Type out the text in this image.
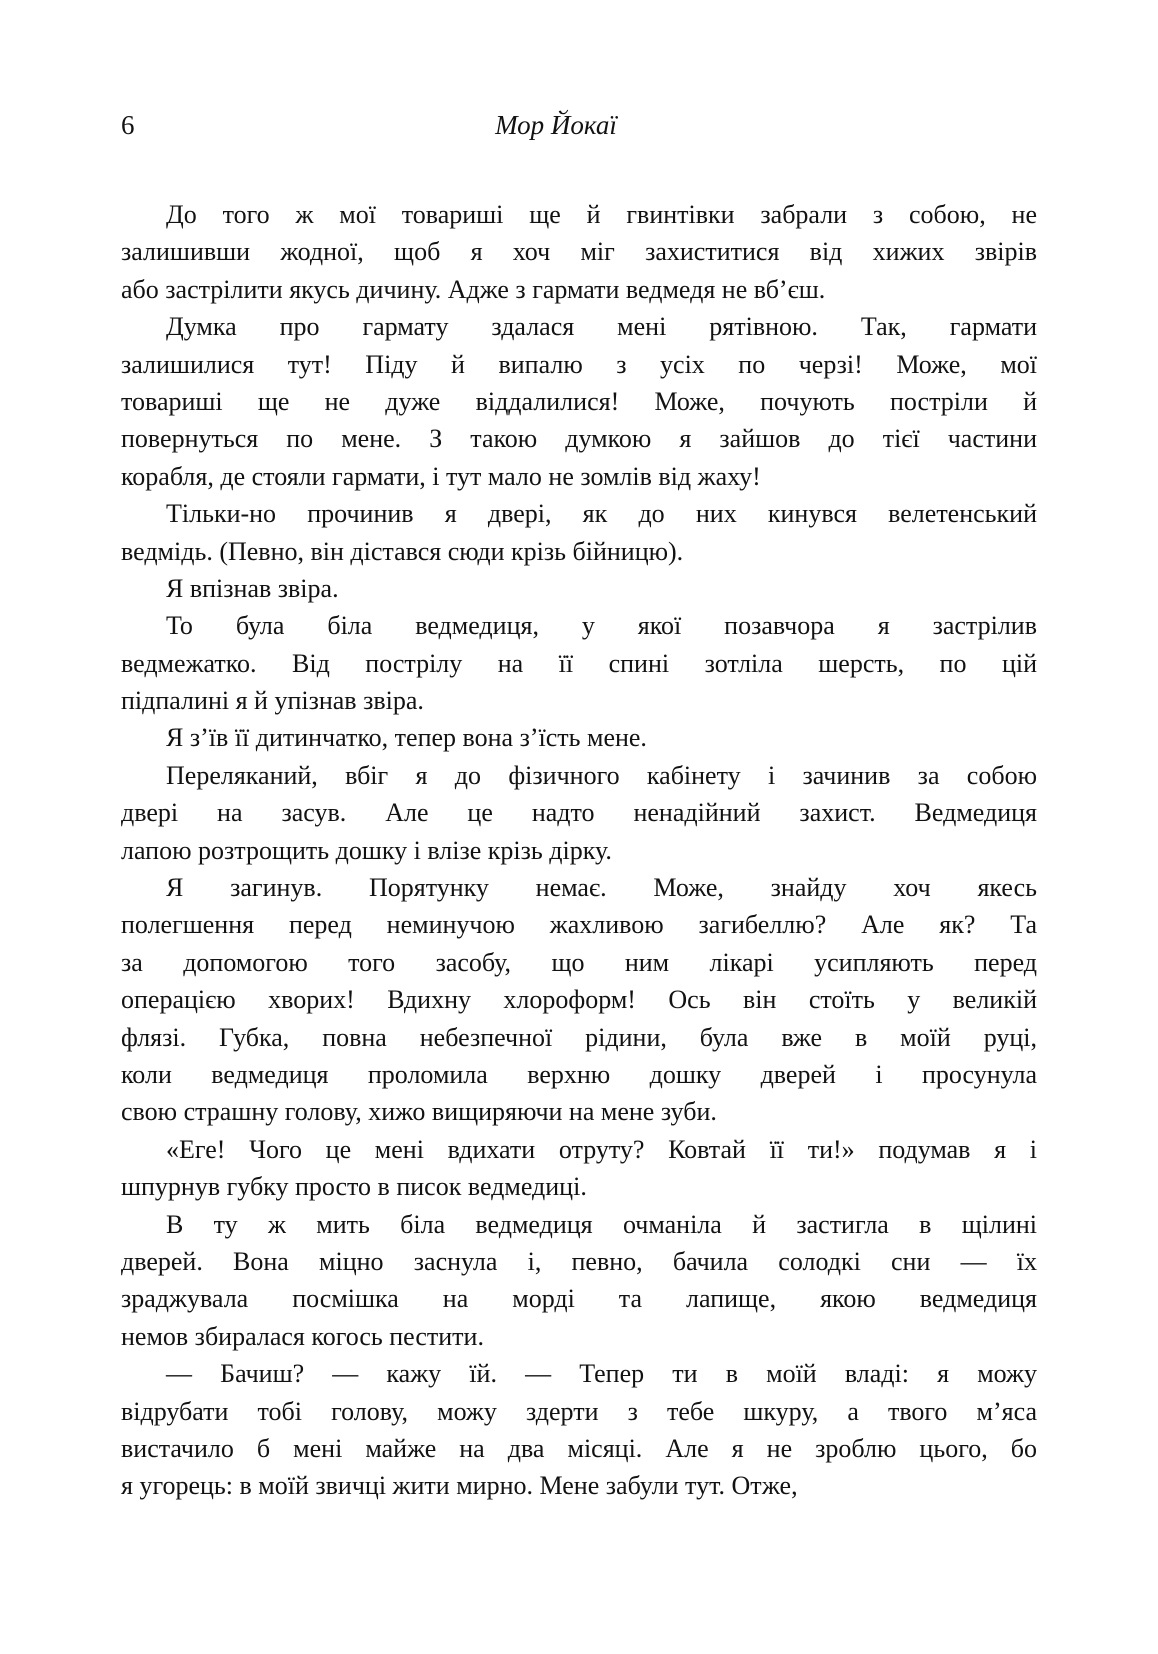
6	Мор Йокаї
До того ж мої товариші ще й гвинтівки забрали з собою, не
залишивши жодної, щоб я хоч міг захиститися від хижих звірів
або застрілити якусь дичину. Адже з гармати ведмедя не вб’єш.
Думка про гармату здалася мені рятівною. Так, гармати
залишилися тут! Піду й випалю з усіх по черзі! Може, мої
товариші ще не дуже віддалилися! Може, почують постріли й
повернуться по мене. З такою думкою я зайшов до тієї частини
корабля, де стояли гармати, і тут мало не зомлів від жаху!
Тільки-но прочинив я двері, як до них кинувся велетенський
ведмідь. (Певно, він дістався сюди крізь бійницю).
Я впізнав звіра.
То була біла ведмедиця, у якої позавчора я застрілив
ведмежатко. Від пострілу на її спині зотліла шерсть, по цій
підпалині я й упізнав звіра.
Я з’їв її дитинчатко, тепер вона з’їсть мене.
Переляканий, вбіг я до фізичного кабінету і зачинив за собою
двері на засув. Але це надто ненадійний захист. Ведмедиця
лапою розтрощить дошку і влізе крізь дірку.
Я загинув. Порятунку немає. Може, знайду хоч якесь
полегшення перед неминучою жахливою загибеллю? Але як? Та
за допомогою того засобу, що ним лікарі усипляють перед
операцією хворих! Вдихну хлороформ! Ось він стоїть у великій
флязі. Губка, повна небезпечної рідини, була вже в моїй руці,
коли ведмедиця проломила верхню дошку дверей і просунула
свою страшну голову, хижо вищиряючи на мене зуби.
«Еге! Чого це мені вдихати отруту? Ковтай її ти!» подумав я і
шпурнув губку просто в писок ведмедиці.
В ту ж мить біла ведмедиця очманіла й застигла в щілині
дверей. Вона міцно заснула і, певно, бачила солодкі сни — їх
зраджувала посмішка на морді та лапище, якою ведмедиця
немов збиралася когось пестити.
— Бачиш? — кажу їй. — Тепер ти в моїй владі: я можу
відрубати тобі голову, можу здерти з тебе шкуру, а твого м’яса
вистачило б мені майже на два місяці. Але я не зроблю цього, бо
я угорець: в моїй звичці жити мирно. Мене забули тут. Отже,
